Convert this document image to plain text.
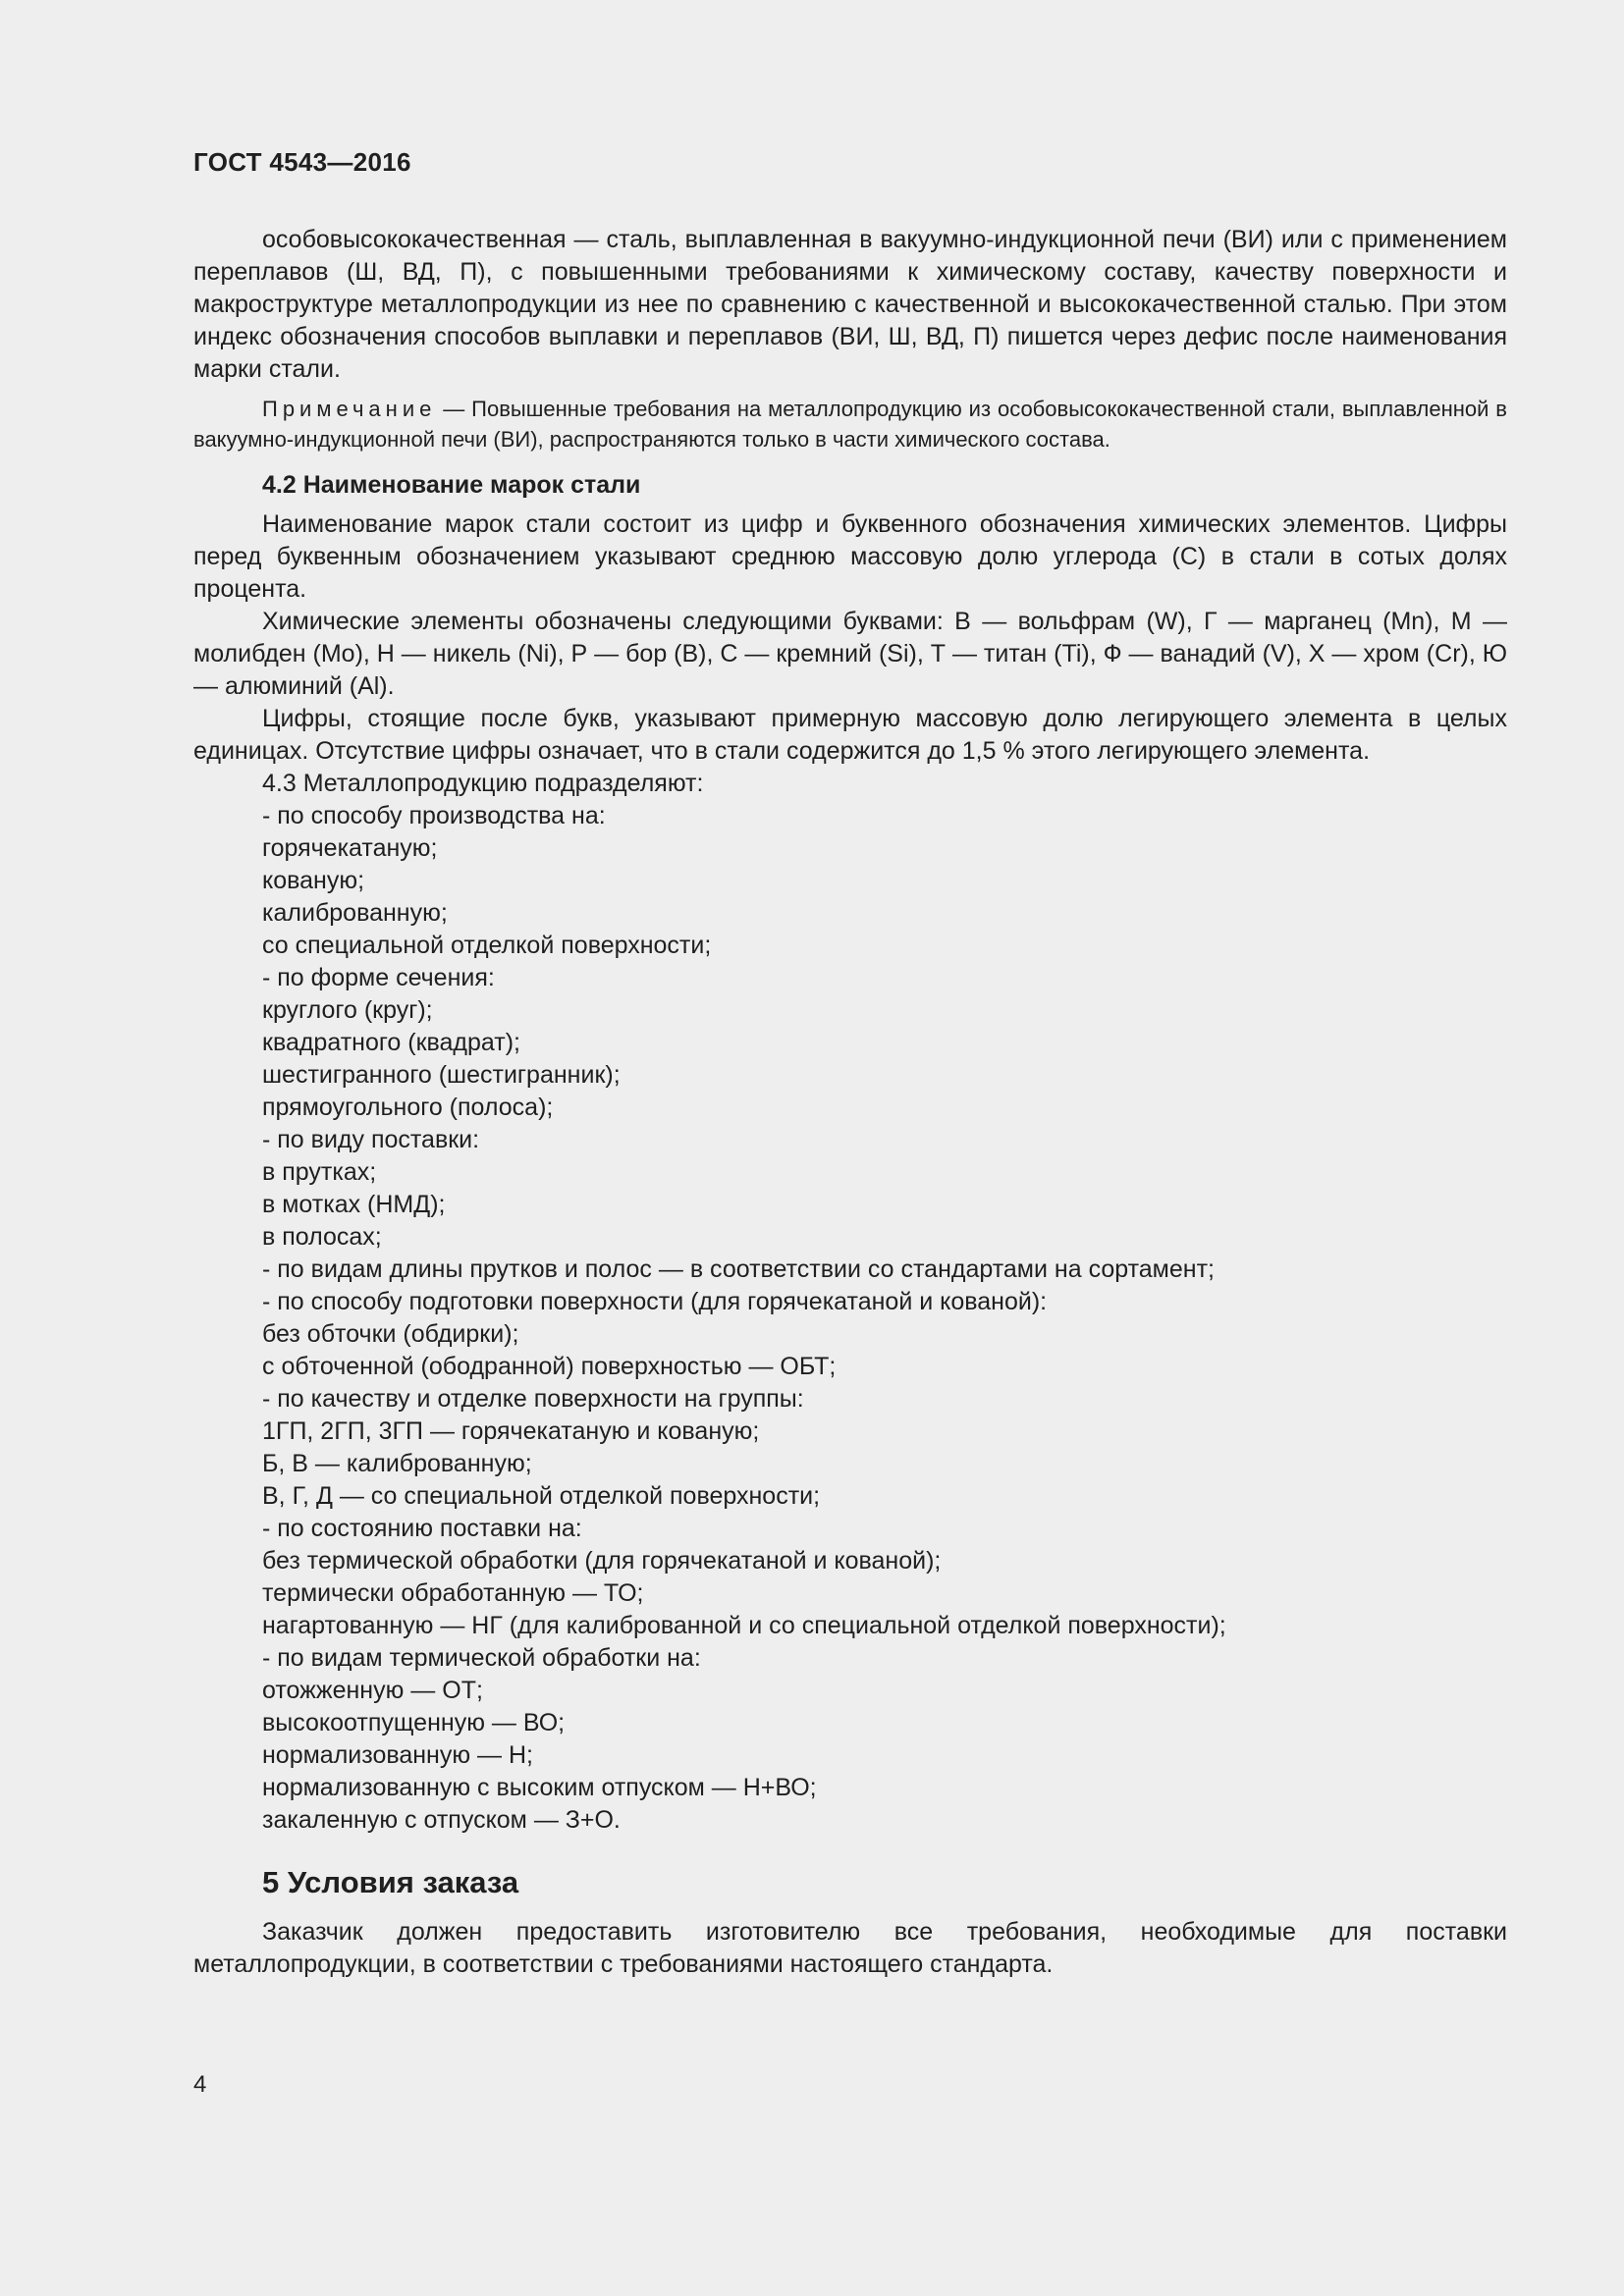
ГОСТ 4543—2016

особовысококачественная — сталь, выплавленная в вакуумно-индукционной печи (ВИ) или с применением переплавов (Ш, ВД, П), с повышенными требованиями к химическому составу, качеству поверхности и макроструктуре металлопродукции из нее по сравнению с качественной и высококачественной сталью. При этом индекс обозначения способов выплавки и переплавов (ВИ, Ш, ВД, П) пишется через дефис после наименования марки стали.

Примечание — Повышенные требования на металлопродукцию из особовысококачественной стали, выплавленной в вакуумно-индукционной печи (ВИ), распространяются только в части химического состава.

4.2 Наименование марок стали

Наименование марок стали состоит из цифр и буквенного обозначения химических элементов. Цифры перед буквенным обозначением указывают среднюю массовую долю углерода (С) в стали в сотых долях процента.

Химические элементы обозначены следующими буквами: В — вольфрам (W), Г — марганец (Mn), М — молибден (Mo), Н — никель (Ni), Р — бор (В), С — кремний (Si), Т — титан (Ti), Ф — ванадий (V), Х — хром (Cr), Ю — алюминий (Al).

Цифры, стоящие после букв, указывают примерную массовую долю легирующего элемента в целых единицах. Отсутствие цифры означает, что в стали содержится до 1,5 % этого легирующего элемента.

4.3 Металлопродукцию подразделяют:
- по способу производства на:
горячекатаную;
кованую;
калиброванную;
со специальной отделкой поверхности;
- по форме сечения:
круглого (круг);
квадратного (квадрат);
шестигранного (шестигранник);
прямоугольного (полоса);
- по виду поставки:
в прутках;
в мотках (НМД);
в полосах;
- по видам длины прутков и полос — в соответствии со стандартами на сортамент;
- по способу подготовки поверхности (для горячекатаной и кованой):
без обточки (обдирки);
с обточенной (ободранной) поверхностью — ОБТ;
- по качеству и отделке поверхности на группы:
1ГП, 2ГП, 3ГП — горячекатаную и кованую;
Б, В — калиброванную;
В, Г, Д — со специальной отделкой поверхности;
- по состоянию поставки на:
без термической обработки (для горячекатаной и кованой);
термически обработанную — ТО;
нагартованную — НГ (для калиброванной и со специальной отделкой поверхности);
- по видам термической обработки на:
отожженную — ОТ;
высокоотпущенную — ВО;
нормализованную — Н;
нормализованную с высоким отпуском — Н+ВО;
закаленную с отпуском — З+О.
5 Условия заказа

Заказчик должен предоставить изготовителю все требования, необходимые для поставки металлопродукции, в соответствии с требованиями настоящего стандарта.

4
